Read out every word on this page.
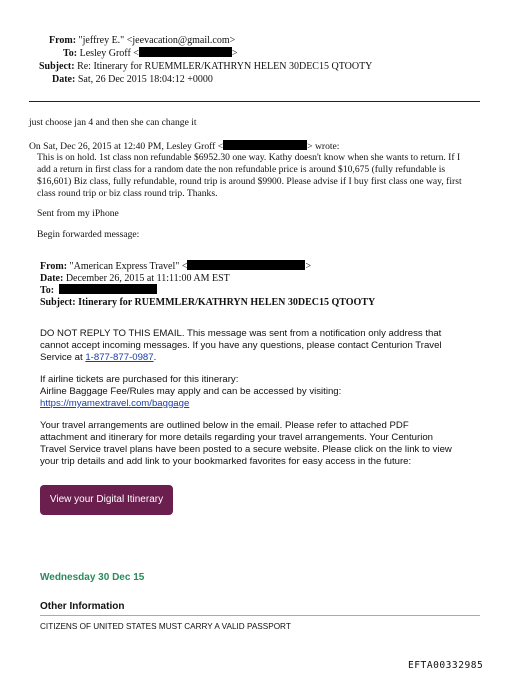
From: "jeffrey E." <jeevacation@gmail.com>
To: Lesley Groff <	>
Subject: Re: Itinerary for RUEMMLER/KATHRYN HELEN 30DEC15 QTOOTY
Date: Sat, 26 Dec 2015 18:04:12 +0000
just choose jan 4 and then she can change it
On Sat, Dec 26, 2015 at 12:40 PM, Lesley Groff <	> wrote:
This is on hold. 1st class non refundable $6952.30 one way. Kathy doesn't know when she wants to return. If I
add a return in first class for a random date the non refundable price is around $10,675 (fully refundable is
$16,601) Biz class, fully refundable, round trip is around $9900. Please advise if I buy first class one way, first
class round trip or biz class round trip. Thanks.
Sent from my iPhone
Begin forwarded message:
From: "American Express Travel" <	>
Date: December 26, 2015 at 11:11:00 AM EST
To:
Subject: Itinerary for RUEMMLER/KATHRYN HELEN 30DEC15 QTOOTY
DO NOT REPLY TO THIS EMAIL. This message was sent from a notification only address that
cannot accept incoming messages. If you have any questions, please contact Centurion Travel
Service at 1-877-877-0987.
If airline tickets are purchased for this itinerary:
Airline Baggage Fee/Rules may apply and can be accessed by visiting:
https://myamextravel.com/baggage
Your travel arrangements are outlined below in the email. Please refer to attached PDF
attachment and itinerary for more details regarding your travel arrangements. Your Centurion
Travel Service travel plans have been posted to a secure website. Please click on the link to view
your trip details and add link to your bookmarked favorites for easy access in the future:
View your Digital Itinerary
Wednesday 30 Dec 15
Other Information
CITIZENS OF UNITED STATES MUST CARRY A VALID PASSPORT
EFTA00332985
